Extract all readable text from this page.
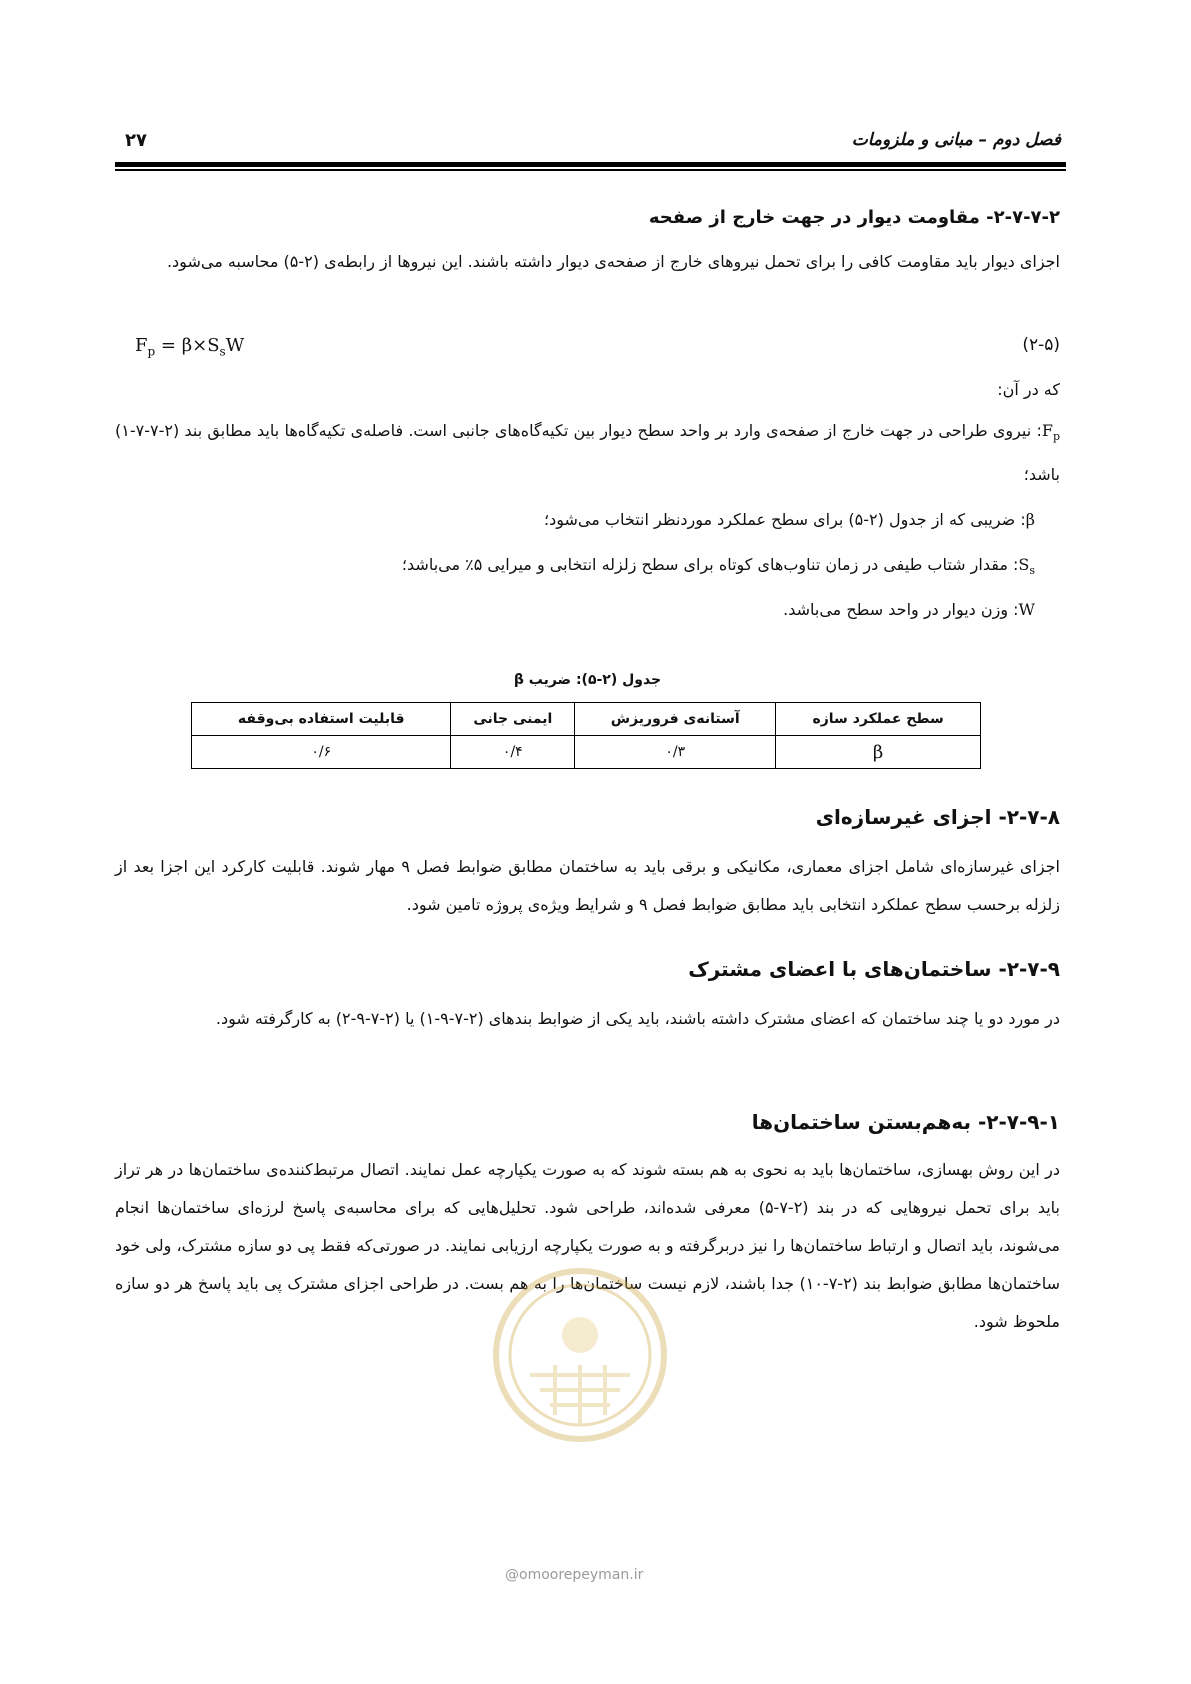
فصل دوم – مبانی و ملزومات

۲۷

۲-۷-۷-۲- مقاومت دیوار در جهت خارج از صفحه

اجزای دیوار باید مقاومت کافی را برای تحمل نیروهای خارج از صفحه‌ی دیوار داشته باشند. این نیروها از رابطه‌ی (۲-۵) محاسبه می‌شود.

(۲-۵)
$F_p = \beta\times S_sW$

که در آن:

$F_p$: نیروی طراحی در جهت خارج از صفحه‌ی وارد بر واحد سطح دیوار بین تکیه‌گاه‌های جانبی است. فاصله‌ی تکیه‌گاه‌ها باید مطابق بند (۲-۷-۷-۱) باشد؛

β: ضریبی که از جدول (۲-۵) برای سطح عملکرد موردنظر انتخاب می‌شود؛

$S_s$: مقدار شتاب طیفی در زمان تناوب‌های کوتاه برای سطح زلزله انتخابی و میرایی ۵٪ می‌باشد؛

W: وزن دیوار در واحد سطح می‌باشد.

جدول (۲-۵): ضریب β

سطح عملکرد سازه	آستانه‌ی فروریزش	ایمنی جانی	قابلیت استفاده بی‌وقفه
β	۰/۳	۰/۴	۰/۶

۲-۷-۸- اجزای غیرسازه‌ای

اجزای غیرسازه‌ای شامل اجزای معماری، مکانیکی و برقی باید به ساختمان مطابق ضوابط فصل ۹ مهار شوند. قابلیت کارکرد این اجزا بعد از زلزله برحسب سطح عملکرد انتخابی باید مطابق ضوابط فصل ۹ و شرایط ویژه‌ی پروژه تامین شود.

۲-۷-۹- ساختمان‌های با اعضای مشترک

در مورد دو یا چند ساختمان که اعضای مشترک داشته باشند، باید یکی از ضوابط بندهای (۲-۷-۹-۱) یا (۲-۷-۹-۲) به کارگرفته شود.

۲-۷-۹-۱- به‌هم‌بستن ساختمان‌ها

در این روش بهسازی، ساختمان‌ها باید به نحوی به هم بسته شوند که به صورت یکپارچه عمل نمایند. اتصال مرتبط‌کننده‌ی ساختمان‌ها در هر تراز باید برای تحمل نیروهایی که در بند (۲-۷-۵) معرفی شده‌اند، طراحی شود. تحلیل‌هایی که برای محاسبه‌ی پاسخ لرزه‌ای ساختمان‌ها انجام می‌شوند، باید اتصال و ارتباط ساختمان‌ها را نیز دربرگرفته و به صورت یکپارچه ارزیابی نمایند. در صورتی‌که فقط پی دو سازه مشترک، ولی خود ساختمان‌ها مطابق ضوابط بند (۲-۷-۱۰) جدا باشند، لازم نیست ساختمان‌ها را به هم بست. در طراحی اجزای مشترک پی باید پاسخ هر دو سازه ملحوظ شود.

@omoorepeyman.ir
